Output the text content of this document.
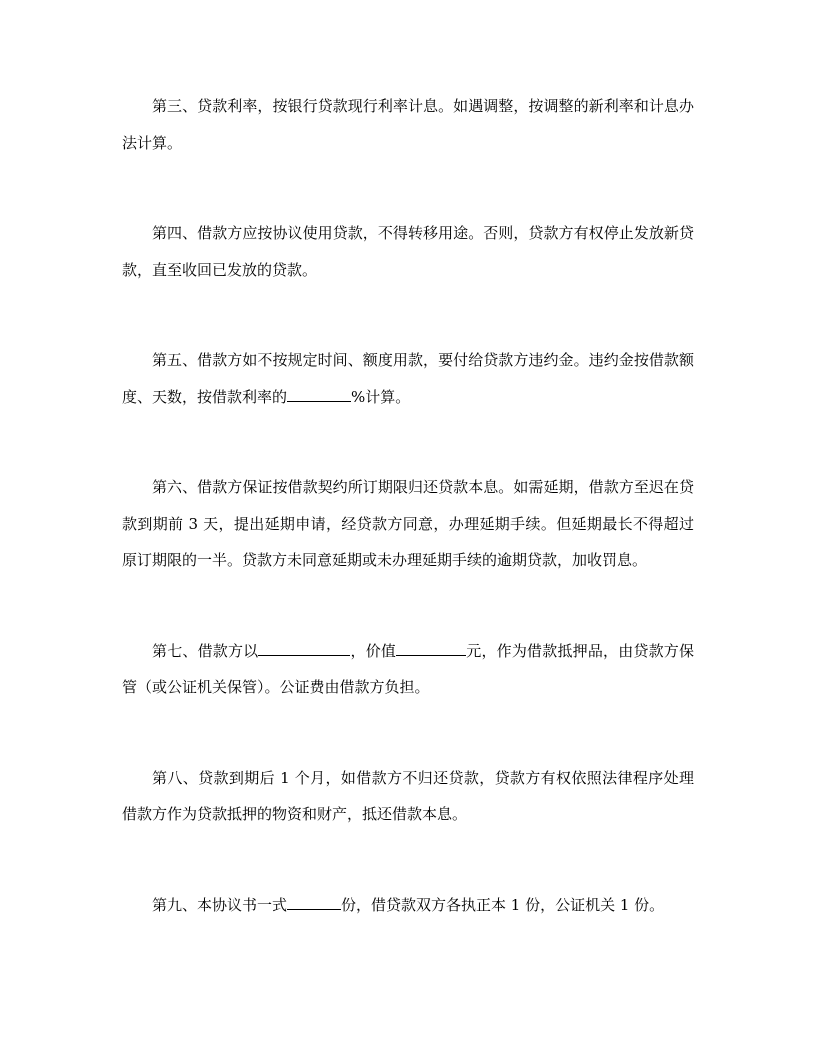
第三、贷款利率，按银行贷款现行利率计息。如遇调整，按调整的新利率和计息办法计算。

第四、借款方应按协议使用贷款，不得转移用途。否则，贷款方有权停止发放新贷款，直至收回已发放的贷款。

第五、借款方如不按规定时间、额度用款，要付给贷款方违约金。违约金按借款额度、天数，按借款利率的	%计算。

第六、借款方保证按借款契约所订期限归还贷款本息。如需延期，借款方至迟在贷款到期前 3 天，提出延期申请，经贷款方同意，办理延期手续。但延期最长不得超过原订期限的一半。贷款方未同意延期或未办理延期手续的逾期贷款，加收罚息。

第七、借款方以	，价值	元，作为借款抵押品，由贷款方保管（或公证机关保管）。公证费由借款方负担。

第八、贷款到期后 1 个月，如借款方不归还贷款，贷款方有权依照法律程序处理借款方作为贷款抵押的物资和财产，抵还借款本息。

第九、本协议书一式	份，借贷款双方各执正本 1 份，公证机关 1 份。
